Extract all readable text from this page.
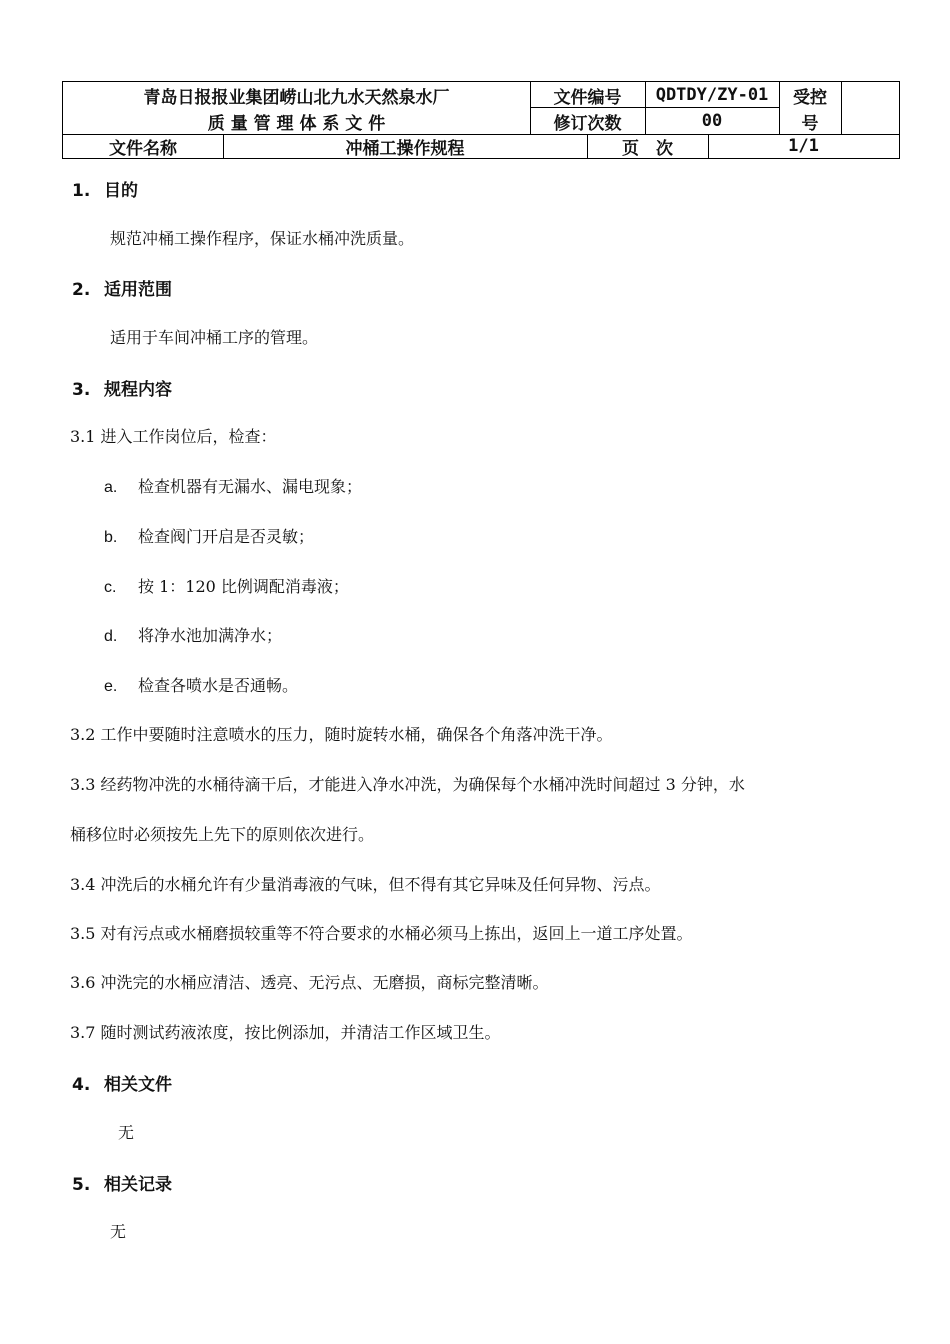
青岛日报报业集团崂山北九水天然泉水厂
质 量 管 理 体 系 文 件
文件编号	QDTDY/ZY-01
修订次数	00
受控
号
文件名称	冲桶工操作规程	页　次	1/1
1. 目的
规范冲桶工操作程序，保证水桶冲洗质量。
2. 适用范围
适用于车间冲桶工序的管理。
3. 规程内容
3.1 进入工作岗位后，检查：
a. 检查机器有无漏水、漏电现象；
b. 检查阀门开启是否灵敏；
c. 按 1：120 比例调配消毒液；
d. 将净水池加满净水；
e. 检查各喷水是否通畅。
3.2 工作中要随时注意喷水的压力，随时旋转水桶，确保各个角落冲洗干净。
3.3 经药物冲洗的水桶待滴干后，才能进入净水冲洗，为确保每个水桶冲洗时间超过 3 分钟，水
桶移位时必须按先上先下的原则依次进行。
3.4 冲洗后的水桶允许有少量消毒液的气味，但不得有其它异味及任何异物、污点。
3.5 对有污点或水桶磨损较重等不符合要求的水桶必须马上拣出，返回上一道工序处置。
3.6 冲洗完的水桶应清洁、透亮、无污点、无磨损，商标完整清晰。
3.7 随时测试药液浓度，按比例添加，并清洁工作区域卫生。
4. 相关文件
无
5. 相关记录
无
